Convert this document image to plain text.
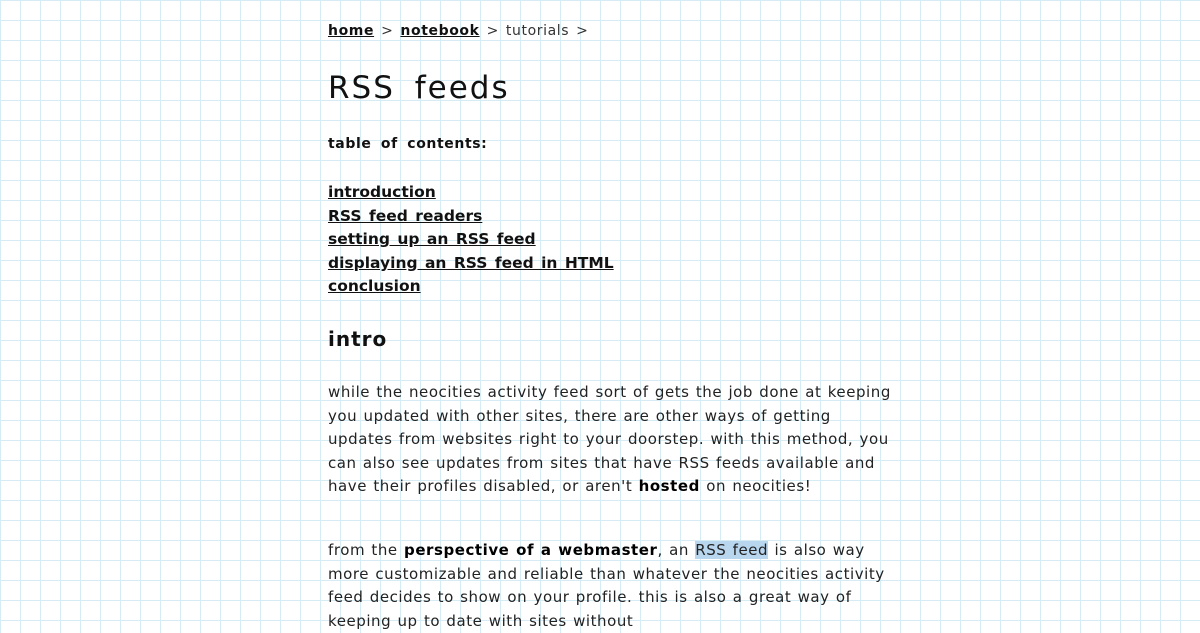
home > notebook > tutorials >
RSS feeds
table of contents:
introduction
RSS feed readers
setting up an RSS feed
displaying an RSS feed in HTML
conclusion
intro

while the neocities activity feed sort of gets the job done at keeping you updated with other sites, there are other ways of getting updates from websites right to your doorstep. with this method, you can also see updates from sites that have RSS feeds available and have their profiles disabled, or aren't hosted on neocities!

from the perspective of a webmaster, an RSS feed is also way more customizable and reliable than whatever the neocities activity feed decides to show on your profile. this is also a great way of keeping up to date with sites without
